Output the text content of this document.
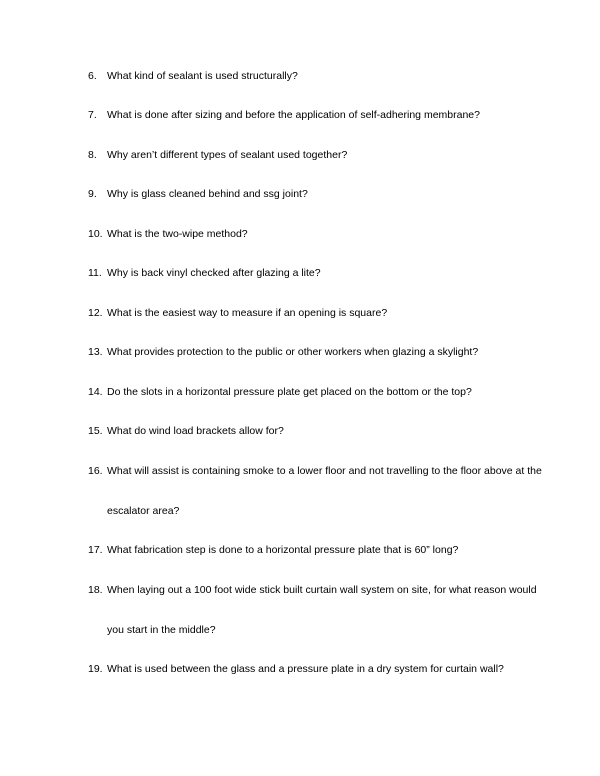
6. What kind of sealant is used structurally?
7. What is done after sizing and before the application of self-adhering membrane?
8. Why aren’t different types of sealant used together?
9. Why is glass cleaned behind and ssg joint?
10. What is the two-wipe method?
11. Why is back vinyl checked after glazing a lite?
12. What is the easiest way to measure if an opening is square?
13. What provides protection to the public or other workers when glazing a skylight?
14. Do the slots in a horizontal pressure plate get placed on the bottom or the top?
15. What do wind load brackets allow for?
16. What will assist is containing smoke to a lower floor and not travelling to the floor above at the
escalator area?
17. What fabrication step is done to a horizontal pressure plate that is 60” long?
18. When laying out a 100 foot wide stick built curtain wall system on site, for what reason would
you start in the middle?
19. What is used between the glass and a pressure plate in a dry system for curtain wall?
